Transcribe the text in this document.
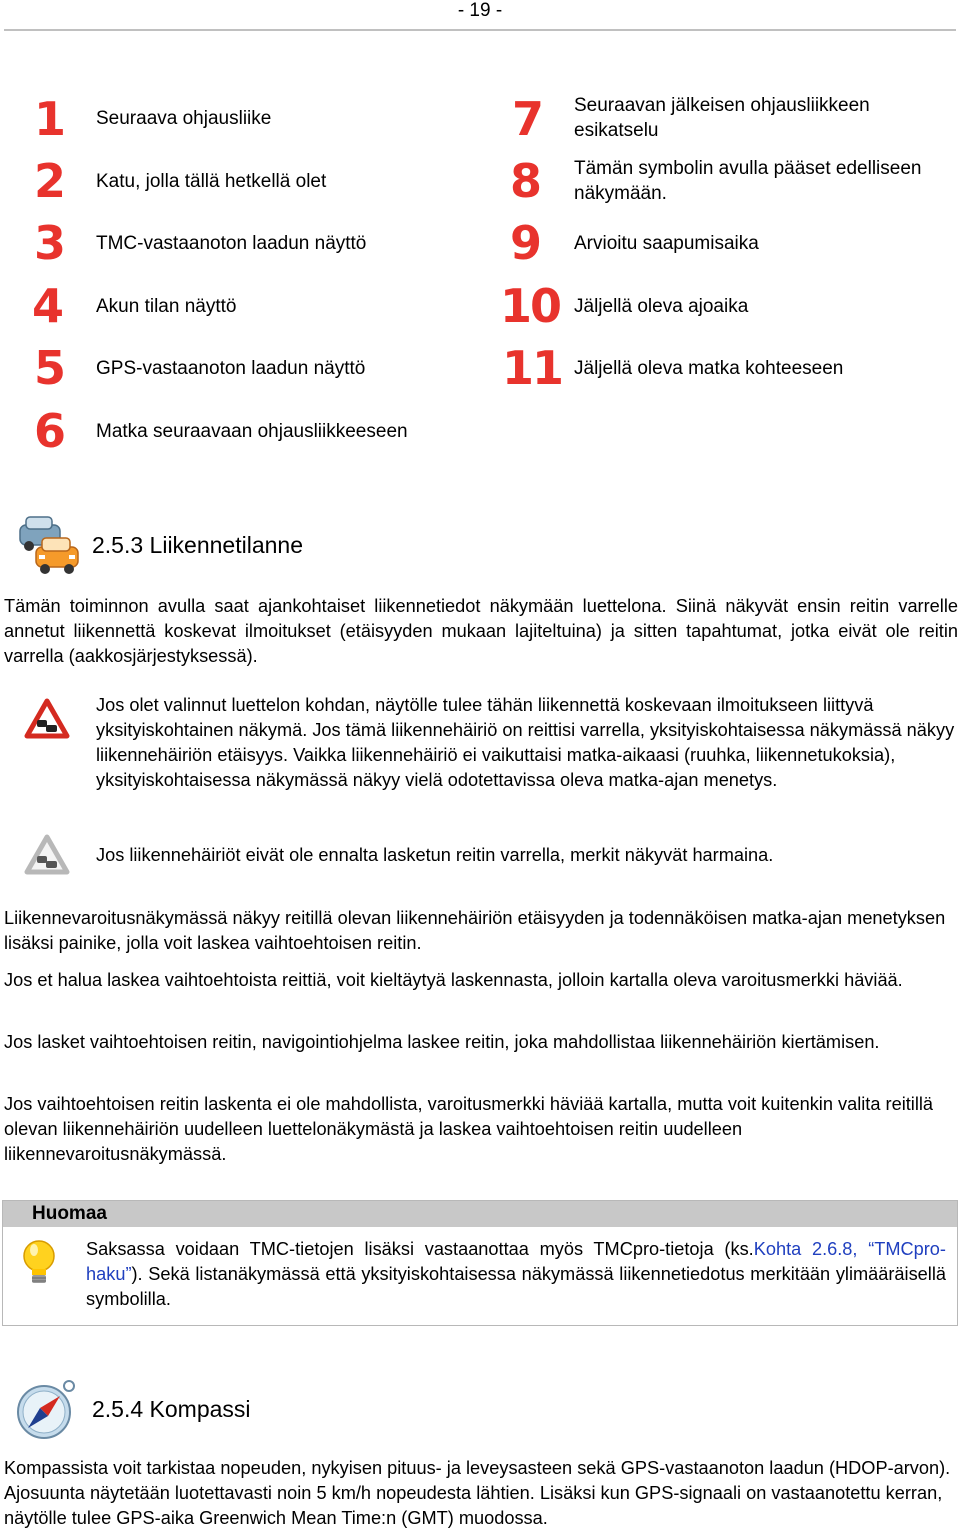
- 19 -
1 Seuraava ohjausliike
2 Katu, jolla tällä hetkellä olet
3 TMC-vastaanoton laadun näyttö
4 Akun tilan näyttö
5 GPS-vastaanoton laadun näyttö
6 Matka seuraavaan ohjausliikkeeseen
7 Seuraavan jälkeisen ohjausliikkeen
esikatselu
8 Tämän symbolin avulla pääset edelliseen
näkymään.
9 Arvioitu saapumisaika
10 Jäljellä oleva ajoaika
11 Jäljellä oleva matka kohteeseen
2.5.3 Liikennetilanne
Tämän toiminnon avulla saat ajankohtaiset liikennetiedot näkymään luettelona. Siinä näkyvät ensin reitin varrelle annetut liikennettä koskevat ilmoitukset (etäisyyden mukaan lajiteltuina) ja sitten tapahtumat, jotka eivät ole reitin varrella (aakkosjärjestyksessä).
Jos olet valinnut luettelon kohdan, näytölle tulee tähän liikennettä koskevaan ilmoitukseen liittyvä yksityiskohtainen näkymä. Jos tämä liikennehäiriö on reittisi varrella, yksityiskohtaisessa näkymässä näkyy liikennehäiriön etäisyys. Vaikka liikennehäiriö ei vaikuttaisi matka-aikaasi (ruuhka, liikennetukoksia), yksityiskohtaisessa näkymässä näkyy vielä odotettavissa oleva matka-ajan menetys.
Jos liikennehäiriöt eivät ole ennalta lasketun reitin varrella, merkit näkyvät harmaina.
Liikennevaroitusnäkymässä näkyy reitillä olevan liikennehäiriön etäisyyden ja todennäköisen matka-ajan menetyksen lisäksi painike, jolla voit laskea vaihtoehtoisen reitin.
Jos et halua laskea vaihtoehtoista reittiä, voit kieltäytyä laskennasta, jolloin kartalla oleva varoitusmerkki häviää.
Jos lasket vaihtoehtoisen reitin, navigointiohjelma laskee reitin, joka mahdollistaa liikennehäiriön kiertämisen.
Jos vaihtoehtoisen reitin laskenta ei ole mahdollista, varoitusmerkki häviää kartalla, mutta voit kuitenkin valita reitillä olevan liikennehäiriön uudelleen luettelonäkymästä ja laskea vaihtoehtoisen reitin uudelleen liikennevaroitusnäkymässä.
Huomaa
Saksassa voidaan TMC-tietojen lisäksi vastaanottaa myös TMCpro-tietoja (ks.Kohta 2.6.8, “TMCpro-haku”). Sekä listanäkymässä että yksityiskohtaisessa näkymässä liikennetiedotus merkitään ylimääräisellä symbolilla.
2.5.4 Kompassi
Kompassista voit tarkistaa nopeuden, nykyisen pituus- ja leveysasteen sekä GPS-vastaanoton laadun (HDOP-arvon). Ajosuunta näytetään luotettavasti noin 5 km/h nopeudesta lähtien. Lisäksi kun GPS-signaali on vastaanotettu kerran, näytölle tulee GPS-aika Greenwich Mean Time:n (GMT) muodossa.
